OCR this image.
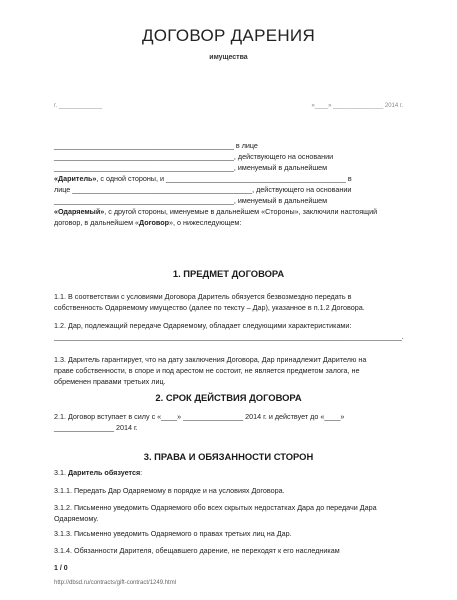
ДОГОВОР ДАРЕНИЯ
имущества
г. _____________	«____» _______________ 2014 г.

_____________________________________________ в лице

_____________________________________________, действующего на основании

_____________________________________________, именуемый в дальнейшем

«Даритель», с одной стороны, и _____________________________________________ в

лице _____________________________________________, действующего на основании

_____________________________________________, именуемый в дальнейшем

«Одаряемый», с другой стороны, именуемые в дальнейшем «Стороны», заключили настоящий

договор, в дальнейшем «Договор», о нижеследующем:

1. ПРЕДМЕТ ДОГОВОРА

1.1. В соответствии с условиями Договора Даритель обязуется безвозмездно передать в

собственность Одаряемому имущество (далее по тексту – Дар), указанное в п.1.2 Договора.

1.2. Дар, подлежащий передаче Одаряемому, обладает следующими характеристиками:

_______________________________________________________________________________________.

1.3. Даритель гарантирует, что на дату заключения Договора, Дар принадлежит Дарителю на

праве собственности, в споре и под арестом не состоит, не является предметом залога, не

обременен правами третьих лиц.

2. СРОК ДЕЙСТВИЯ ДОГОВОРА

2.1. Договор вступает в силу с «____» _______________ 2014 г. и действует до «____»

_______________ 2014 г.

3. ПРАВА И ОБЯЗАННОСТИ СТОРОН

3.1. Даритель обязуется:

3.1.1. Передать Дар Одаряемому в порядке и на условиях Договора.

3.1.2. Письменно уведомить Одаряемого обо всех скрытых недостатках Дара до передачи Дара

Одаряемому.

3.1.3. Письменно уведомить Одаряемого о правах третьих лиц на Дар.

3.1.4. Обязанности Дарителя, обещавшего дарение, не переходят к его наследникам

1 / 0
http://dbsd.ru/contracts/gift-contract/1249.html
